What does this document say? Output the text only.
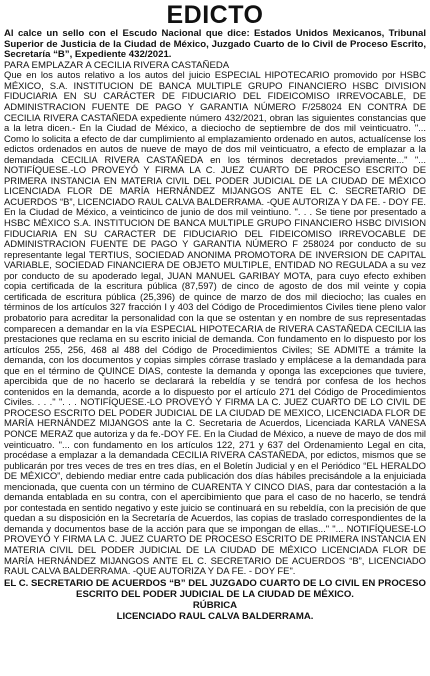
EDICTO

Al calce un sello con el Escudo Nacional que dice: Estados Unidos Mexicanos, Tribunal Superior de Justicia de la Ciudad de México, Juzgado Cuarto de lo Civil de Proceso Escrito, Secretaría “B”, Expediente 432/2021.

PARA EMPLAZAR A CECILIA RIVERA CASTAÑEDA

Que en los autos relativo a los autos del juicio ESPECIAL HIPOTECARIO promovido por HSBC MÉXICO, S.A. INSTITUCION DE BANCA MULTIPLE GRUPO FINANCIERO HSBC DIVISION FIDUCIARIA EN SU CARÁCTER DE FIDUCIARIO DEL FIDEICOMISO IRREVOCABLE, DE ADMINISTRACION FUENTE DE PAGO Y GARANTIA NÚMERO F/258024 EN CONTRA DE CECILIA RIVERA CASTAÑEDA expediente número 432/2021, obran las siguientes constancias que a la letra dicen.- En la Ciudad de México, a dieciocho de septiembre de dos mil veinticuatro. "... Como lo solicita a efecto de dar cumplimiento al emplazamiento ordenado en autos, actualícense los edictos ordenados en autos de nueve de mayo de dos mil veinticuatro, a efecto de emplazar a la demandada CECILIA RIVERA CASTAÑEDA en los términos decretados previamente..." "... NOTIFÍQUESE.-LO PROVEYÓ Y FIRMA LA C. JUEZ CUARTO DE PROCESO ESCRITO DE PRIMERA INSTANCIA EN MATERIA CIVIL DEL PODER JUDICIAL DE LA CIUDAD DE MÉXICO LICENCIADA FLOR DE MARÍA HERNÁNDEZ MIJANGOS ANTE EL C. SECRETARIO DE ACUERDOS “B”, LICENCIADO RAUL CALVA BALDERRAMA. -QUE AUTORIZA Y DA FE. - DOY FE. En la Ciudad de México, a veinticinco de junio de dos mil veintiuno. ". . . Se tiene por presentado a HSBC MÉXICO S.A. INSTITUCION DE BANCA MULTIPLE GRUPO FINANCIERO HSBC DIVISION FIDUCIARIA EN SU CARACTER DE FIDUCIARIO DEL FIDEICOMISO IRREVOCABLE DE ADMINISTRACION FUENTE DE PAGO Y GARANTIA NÚMERO F 258024 por conducto de su representante legal TERTIUS, SOCIEDAD ANONIMA PROMOTORA DE INVERSION DE CAPITAL VARIABLE, SOCIEDAD FINANCIERA DE OBJETO MULTIPLE, ENTIDAD NO REGULADA a su vez por conducto de su apoderado legal, JUAN MANUEL GARIBAY MOTA, para cuyo efecto exhiben copia certificada de la escritura pública (87,597) de cinco de agosto de dos mil veinte y copia certificada de escritura pública (25,396) de quince de marzo de dos mil dieciocho; las cuales en términos de los artículos 327 fracción I y 403 del Código de Procedimientos Civiles tiene pleno valor probatorio para acreditar la personalidad con la que se ostentan y en nombre de sus representadas comparecen a demandar en la vía ESPECIAL HIPOTECARIA de RIVERA CASTAÑEDA CECILIA las prestaciones que reclama en su escrito inicial de demanda. Con fundamento en lo dispuesto por los artículos 255, 256, 468 al 488 del Código de Procedimientos Civiles; SE ADMITE a trámite la demanda, con los documentos y copias simples córrase traslado y emplácese a la demandada para que en el término de QUINCE DIAS, conteste la demanda y oponga las excepciones que tuviere, apercibida que de no hacerlo se declarará la rebeldía y se tendrá por confesa de los hechos contenidos en la demanda, acorde a lo dispuesto por el artículo 271 del Código de Procedimientos Civiles. . . ." ". . . NOTIFÍQUESE.-LO PROVEYÓ Y FIRMA LA C. JUEZ CUARTO DE LO CIVIL DE PROCESO ESCRITO DEL PODER JUDICIAL DE LA CIUDAD DE MEXICO, LICENCIADA FLOR DE MARÍA HERNÁNDEZ MIJANGOS ante la C. Secretaria de Acuerdos, Licenciada KARLA VANESA PONCE MERAZ que autoriza y da fe.-DOY FE. En la Ciudad de México, a nueve de mayo de dos mil veinticuatro. "... con fundamento en los artículos 122, 271 y 637 del Ordenamiento Legal en cita, procédase a emplazar a la demandada CECILIA RIVERA CASTAÑEDA, por edictos, mismos que se publicarán por tres veces de tres en tres días, en el Boletín Judicial y en el Periódico “EL HERALDO DE MÉXICO”, debiendo mediar entre cada publicación dos días hábiles precisándole a la enjuiciada mencionada, que cuenta con un término de CUARENTA Y CINCO DIAS, para dar contestación a la demanda entablada en su contra, con el apercibimiento que para el caso de no hacerlo, se tendrá por contestada en sentido negativo y este juicio se continuará en su rebeldía, con la precisión de que quedan a su disposición en la Secretaría de Acuerdos, las copias de traslado correspondientes de la demanda y documentos base de la acción para que se impongan de ellas..." "... NOTIFÍQUESE-LO PROVEYÓ Y FIRMA LA C. JUEZ CUARTO DE PROCESO ESCRITO DE PRIMERA INSTANCIA EN MATERIA CIVIL DEL PODER JUDICIAL DE LA CIUDAD DE MÉXICO LICENCIADA FLOR DE MARÍA HERNÁNDEZ MIJANGOS ANTE EL C. SECRETARIO DE ACUERDOS “B”, LICENCIADO RAUL CALVA BALDERRAMA. -QUE AUTORIZA Y DA FE. - DOY FE".

EL C. SECRETARIO DE ACUERDOS “B” DEL JUZGADO CUARTO DE LO CIVIL EN PROCESO ESCRITO DEL PODER JUDICIAL DE LA CIUDAD DE MÉXICO.

RÚBRICA

LICENCIADO RAUL CALVA BALDERRAMA.
